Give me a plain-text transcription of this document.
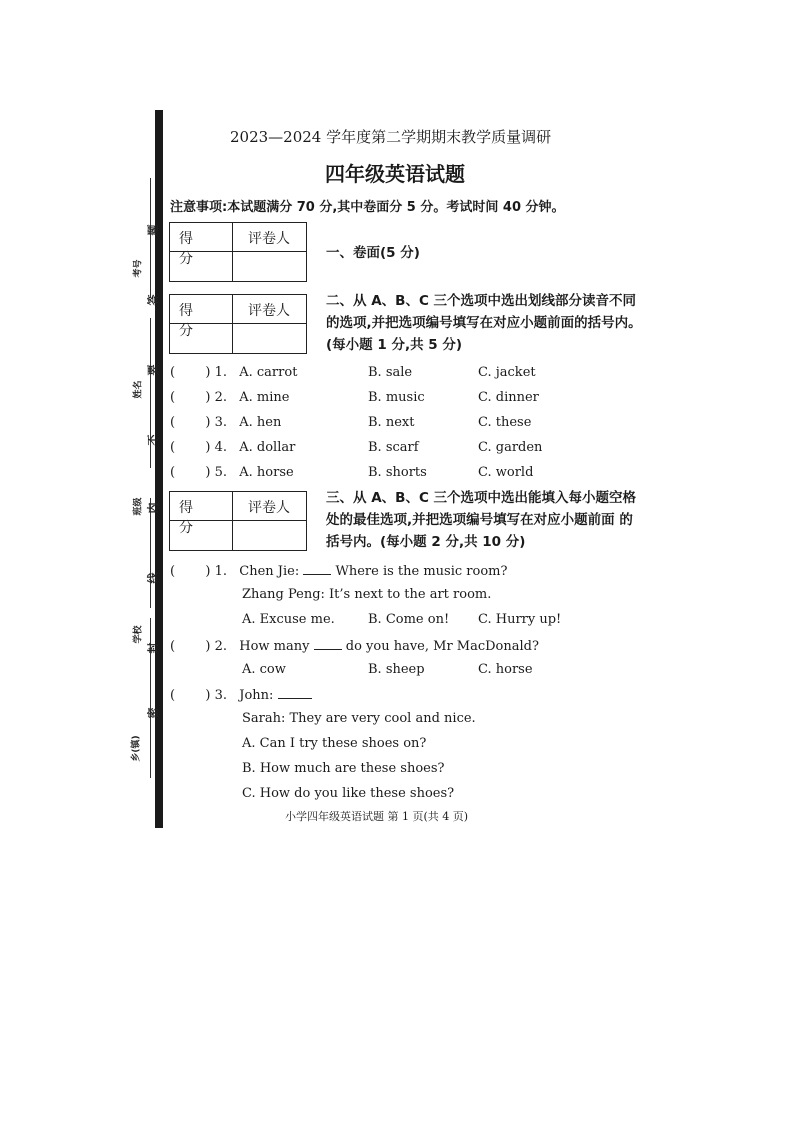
考号
姓名
班级
学校
乡(镇)
题
答
要
不
内
线
封
密
2023—2024 学年度第二学期期末教学质量调研
四年级英语试题
注意事项:本试题满分 70 分,其中卷面分 5 分。考试时间 40 分钟。
得 分
评卷人
一、卷面(5 分)
得 分
评卷人
二、从 A、B、C 三个选项中选出划线部分读音不同的选项,并把选项编号填写在对应小题前面的括号内。(每小题 1 分,共 5 分)
( ) 1. A. carrot	B. sale	C. jacket
( ) 2. A. mine	B. music	C. dinner
( ) 3. A. hen	B. next	C. these
( ) 4. A. dollar	B. scarf	C. garden
( ) 5. A. horse	B. shorts	C. world
得 分
评卷人
三、从 A、B、C 三个选项中选出能填入每小题空格处的最佳选项,并把选项编号填写在对应小题前面 的括号内。(每小题 2 分,共 10 分)
( ) 1. Chen Jie:	Where is the music room?
Zhang Peng: It’s next to the art room.
A. Excuse me.	B. Come on! C. Hurry up!
( ) 2. How many	do you have, Mr MacDonald?
A. cow	B. sheep	C. horse
( ) 3. John:
Sarah: They are very cool and nice.
A. Can I try these shoes on?
B. How much are these shoes?
C. How do you like these shoes?
小学四年级英语试题 第 1 页(共 4 页)
